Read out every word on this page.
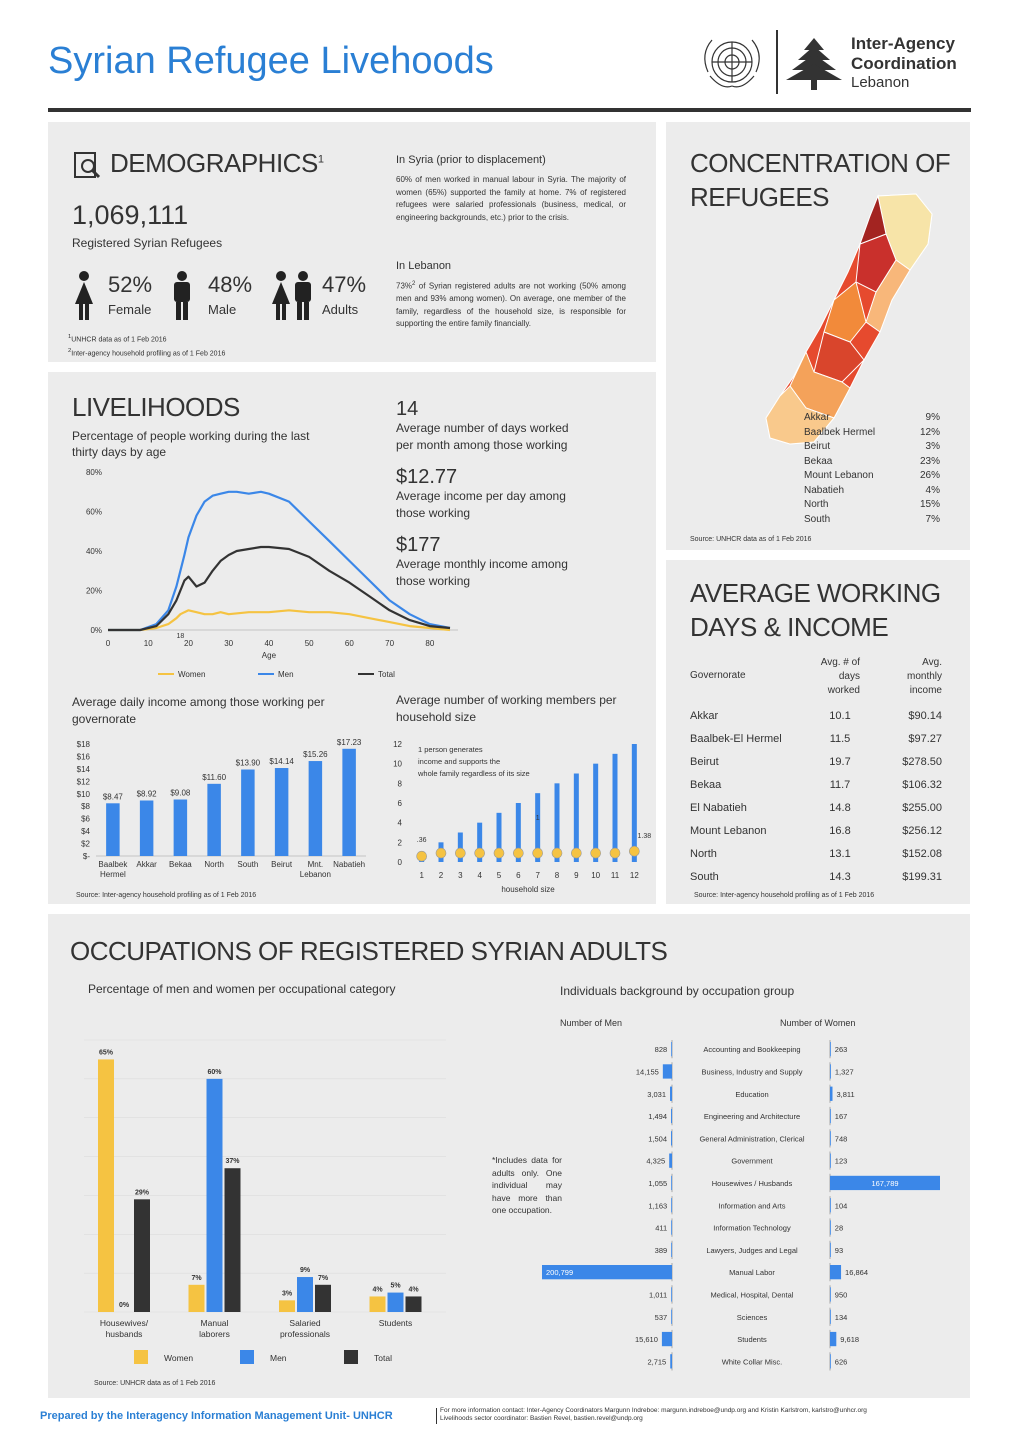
Syrian Refugee Livehoods	Inter-Agency
Coordination
Lebanon
DEMOGRAPHICS$^1$
1,069,111
Registered Syrian Refugees
52%
Female
48%
Male
47%
Adults
$^1$UNHCR data as of 1 Feb 2016
$^2$Inter-agency household profiling as of 1 Feb 2016
In Syria (prior to displacement)
60% of men worked in manual labour in Syria. The majority of women (65%) supported the family at home. 7% of registered refugees were salaried professionals (business, medical, or engineering backgrounds, etc.) prior to the crisis.
In Lebanon
73%$^2$ of Syrian registered adults are not working (50% among men and 93% among women). On average, one member of the family, regardless of the household size, is responsible for supporting the entire family financially.
CONCENTRATION OF
REFUGEES
Akkar	9%
Baalbek Hermel	12%
Beirut	3%
Bekaa	23%
Mount Lebanon	26%
Nabatieh	4%
North	15%
South	7%
Source: UNHCR data as of 1 Feb 2016
LIVELIHOODS
Percentage of people working during the last
thirty days by age
0%
20%
40%
60%
80%
0	10	20	30	40	50	60	70	80
18
Age
Women	Men	Total
14
Average number of days worked
per month among those working
$12.77
Average income per day among
those working
$177
Average monthly income among
those working
Average daily income among those working per governorate
$-
$2
$4
$6
$8
$10
$12
$14
$16
$18
$8.47
Baalbek
Hermel
$8.92
Akkar
$9.08
Bekaa
$11.60
North
$13.90
South
$14.14
Beirut
$15.26
Mnt.
Lebanon
$17.23
Nabatieh
Source: Inter-agency household profiling as of 1 Feb 2016
Average number of working members per household size
0
2
4
6
8
10
12
1 2 3 4 5 6 7 8 9 10 11 12
.36
1
1.38
1 person generates
income and supports the
whole family regardless of its size
household size
AVERAGE WORKING
DAYS & INCOME
Governorate
Avg. # of
days
worked
Avg.
monthly
income
Akkar	10.1	$90.14
Baalbek-El Hermel	11.5	$97.27
Beirut	19.7	$278.50
Bekaa	11.7	$106.32
El Nabatieh	14.8	$255.00
Mount Lebanon	16.8	$256.12
North	13.1	$152.08
South	14.3	$199.31
Source: Inter-agency household profiling as of 1 Feb 2016
OCCUPATIONS OF REGISTERED SYRIAN ADULTS
Percentage of men and women per occupational category
65%
0%
29%
Housewives/
husbands
7%
60%
37%
Manual
laborers
3%
9%
7%
Salaried
professionals
4%
5%
4%
Students
Women	Men	Total
Source: UNHCR data as of 1 Feb 2016
Individuals background by occupation group
Number of Men	Number of Women
*Includes data for adults only. One individual may have more than one occupation.
828	Accounting and Bookkeeping	263
14,155	Business, Industry and Supply	1,327
3,031	Education	3,811
1,494	Engineering and Architecture	167
1,504	General Administration, Clerical	748
4,325	Government	123
1,055	Housewives / Husbands	167,789
1,163	Information and Arts	104
411	Information Technology	28
389	Lawyers, Judges and Legal	93
200,799	Manual Labor	16,864
1,011	Medical, Hospital, Dental	950
537	Sciences	134
15,610	Students	9,618
2,715	White Collar Misc.	626
Prepared by the Interagency Information Management Unit- UNHCR	For more information contact: Inter-Agency Coordinators Margunn Indreboe: margunn.indreboe@undp.org and Kristin Karlstrom, karlstro@unhcr.org
Livelihoods sector coordinator: Bastien Revel, bastien.revel@undp.org
